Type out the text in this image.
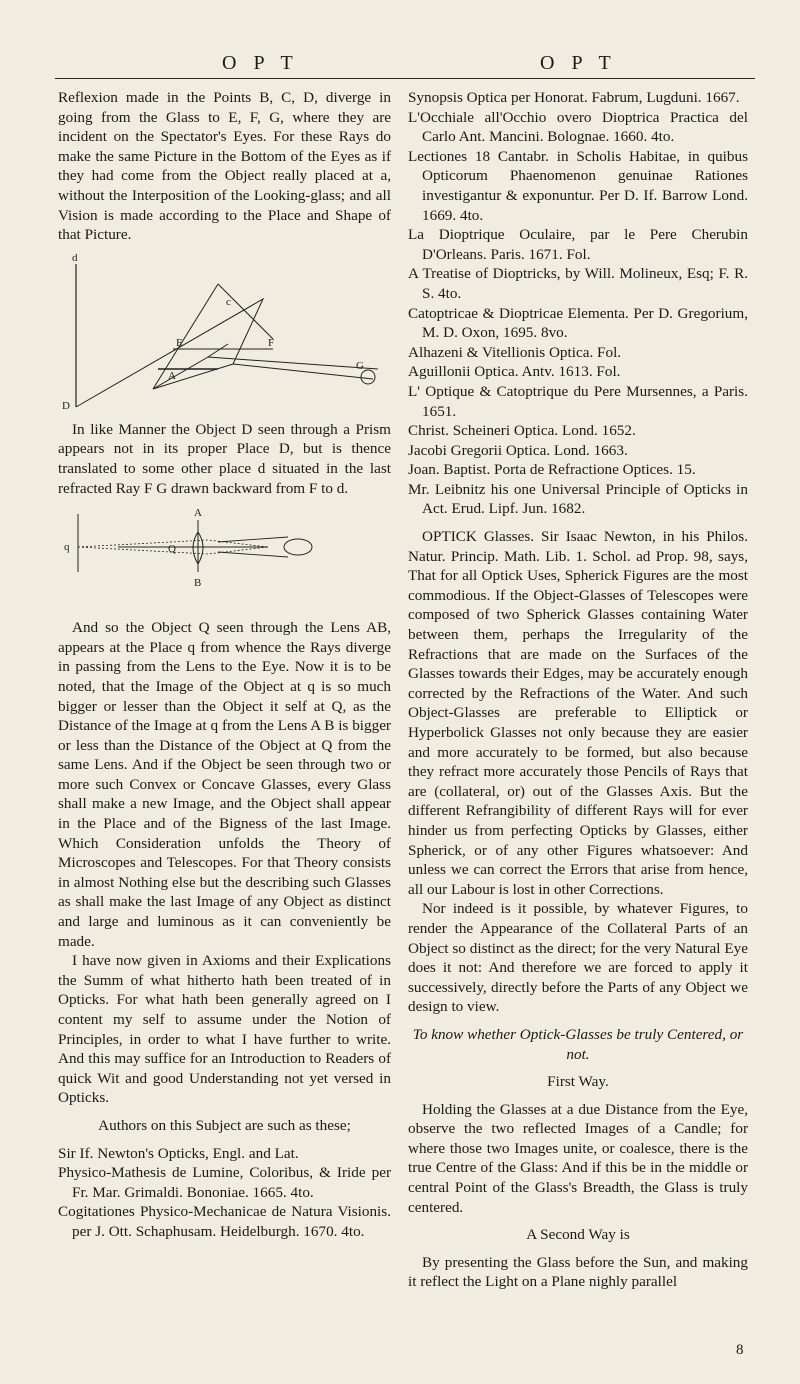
O P T	O P T

Reflexion made in the Points B, C, D, diverge in going from the Glass to E, F, G, where they are incident on the Spectator's Eyes. For these Rays do make the same Picture in the Bottom of the Eyes as if they had come from the Object really placed at a, without the Interposition of the Looking-glass; and all Vision is made according to the Place and Shape of that Picture.

d
c
E	F
A
G
D

In like Manner the Object D seen through a Prism appears not in its proper Place D, but is thence translated to some other place d situated in the last refracted Ray F G drawn backward from F to d.

A
q	Q
B

And so the Object Q seen through the Lens AB, appears at the Place q from whence the Rays diverge in passing from the Lens to the Eye. Now it is to be noted, that the Image of the Object at q is so much bigger or lesser than the Object it self at Q, as the Distance of the Image at q from the Lens A B is bigger or less than the Distance of the Object at Q from the same Lens. And if the Object be seen through two or more such Convex or Concave Glasses, every Glass shall make a new Image, and the Object shall appear in the Place and of the Bigness of the last Image. Which Consideration unfolds the Theory of Microscopes and Telescopes. For that Theory consists in almost Nothing else but the describing such Glasses as shall make the last Image of any Object as distinct and large and luminous as it can conveniently be made.

I have now given in Axioms and their Explications the Summ of what hitherto hath been treated of in Opticks. For what hath been generally agreed on I content my self to assume under the Notion of Principles, in order to what I have further to write. And this may suffice for an Introduction to Readers of quick Wit and good Understanding not yet versed in Opticks.

Authors on this Subject are such as these;

Sir If. Newton's Opticks, Engl. and Lat.

Physico-Mathesis de Lumine, Coloribus, & Iride per Fr. Mar. Grimaldi. Bononiae. 1665. 4to.

Cogitationes Physico-Mechanicae de Natura Visionis. per J. Ott. Schaphusam. Heidelburgh. 1670. 4to.

Synopsis Optica per Honorat. Fabrum, Lugduni. 1667.

L'Occhiale all'Occhio overo Dioptrica Practica del Carlo Ant. Mancini. Bolognae. 1660. 4to.

Lectiones 18 Cantabr. in Scholis Habitae, in quibus Opticorum Phaenomenon genuinae Rationes investigantur & exponuntur. Per D. If. Barrow Lond. 1669. 4to.

La Dioptrique Oculaire, par le Pere Cherubin D'Orleans. Paris. 1671. Fol.

A Treatise of Dioptricks, by Will. Molineux, Esq; F. R. S. 4to.

Catoptricae & Dioptricae Elementa. Per D. Gregorium, M. D. Oxon, 1695. 8vo.

Alhazeni & Vitellionis Optica. Fol.

Aguillonii Optica. Antv. 1613. Fol.

L' Optique & Catoptrique du Pere Mursennes, a Paris. 1651.

Christ. Scheineri Optica. Lond. 1652.

Jacobi Gregorii Optica. Lond. 1663.

Joan. Baptist. Porta de Refractione Optices. 15.

Mr. Leibnitz his one Universal Principle of Opticks in Act. Erud. Lipf. Jun. 1682.

OPTICK Glasses. Sir Isaac Newton, in his Philos. Natur. Princip. Math. Lib. 1. Schol. ad Prop. 98, says, That for all Optick Uses, Spherick Figures are the most commodious. If the Object-Glasses of Telescopes were composed of two Spherick Glasses containing Water between them, perhaps the Irregularity of the Refractions that are made on the Surfaces of the Glasses towards their Edges, may be accurately enough corrected by the Refractions of the Water. And such Object-Glasses are preferable to Elliptick or Hyperbolick Glasses not only because they are easier and more accurately to be formed, but also because they refract more accurately those Pencils of Rays that are (collateral, or) out of the Glasses Axis. But the different Refrangibility of different Rays will for ever hinder us from perfecting Opticks by Glasses, either Spherick, or of any other Figures whatsoever: And unless we can correct the Errors that arise from hence, all our Labour is lost in other Corrections.

Nor indeed is it possible, by whatever Figures, to render the Appearance of the Collateral Parts of an Object so distinct as the direct; for the very Natural Eye does it not: And therefore we are forced to apply it successively, directly before the Parts of any Object we design to view.

To know whether Optick-Glasses be truly Centered, or not.

First Way.

Holding the Glasses at a due Distance from the Eye, observe the two reflected Images of a Candle; for where those two Images unite, or coalesce, there is the true Centre of the Glass: And if this be in the middle or central Point of the Glass's Breadth, the Glass is truly centered.

A Second Way is

By presenting the Glass before the Sun, and making it reflect the Light on a Plane nighly parallel

8
